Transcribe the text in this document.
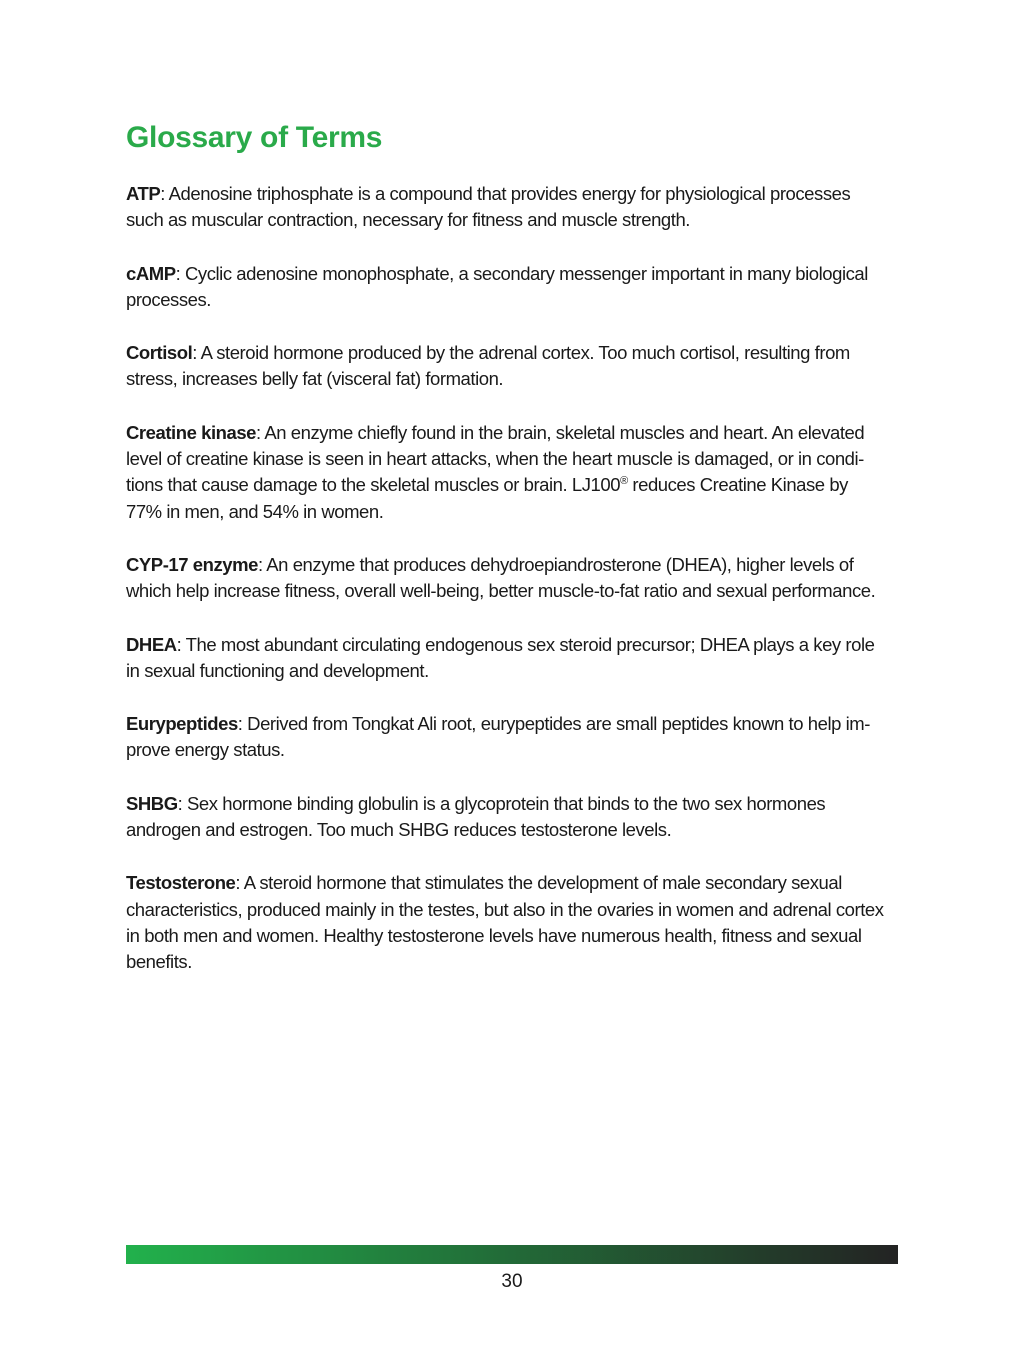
Glossary of Terms

ATP: Adenosine triphosphate is a compound that provides energy for physiological processes such as muscular contraction, necessary for fitness and muscle strength.

cAMP: Cyclic adenosine monophosphate, a secondary messenger important in many biological processes.

Cortisol: A steroid hormone produced by the adrenal cortex. Too much cortisol, resulting from stress, increases belly fat (visceral fat) formation.

Creatine kinase: An enzyme chiefly found in the brain, skeletal muscles and heart. An elevated level of creatine kinase is seen in heart attacks, when the heart muscle is damaged, or in condi-tions that cause damage to the skeletal muscles or brain. LJ100® reduces Creatine Kinase by 77% in men, and 54% in women.

CYP-17 enzyme: An enzyme that produces dehydroepiandrosterone (DHEA), higher levels of which help increase fitness, overall well-being, better muscle-to-fat ratio and sexual performance.

DHEA: The most abundant circulating endogenous sex steroid precursor; DHEA plays a key role in sexual functioning and development.

Eurypeptides: Derived from Tongkat Ali root, eurypeptides are small peptides known to help im-prove energy status.

SHBG: Sex hormone binding globulin is a glycoprotein that binds to the two sex hormones androgen and estrogen. Too much SHBG reduces testosterone levels.

Testosterone: A steroid hormone that stimulates the development of male secondary sexual characteristics, produced mainly in the testes, but also in the ovaries in women and adrenal cortex in both men and women. Healthy testosterone levels have numerous health, fitness and sexual benefits.

30
